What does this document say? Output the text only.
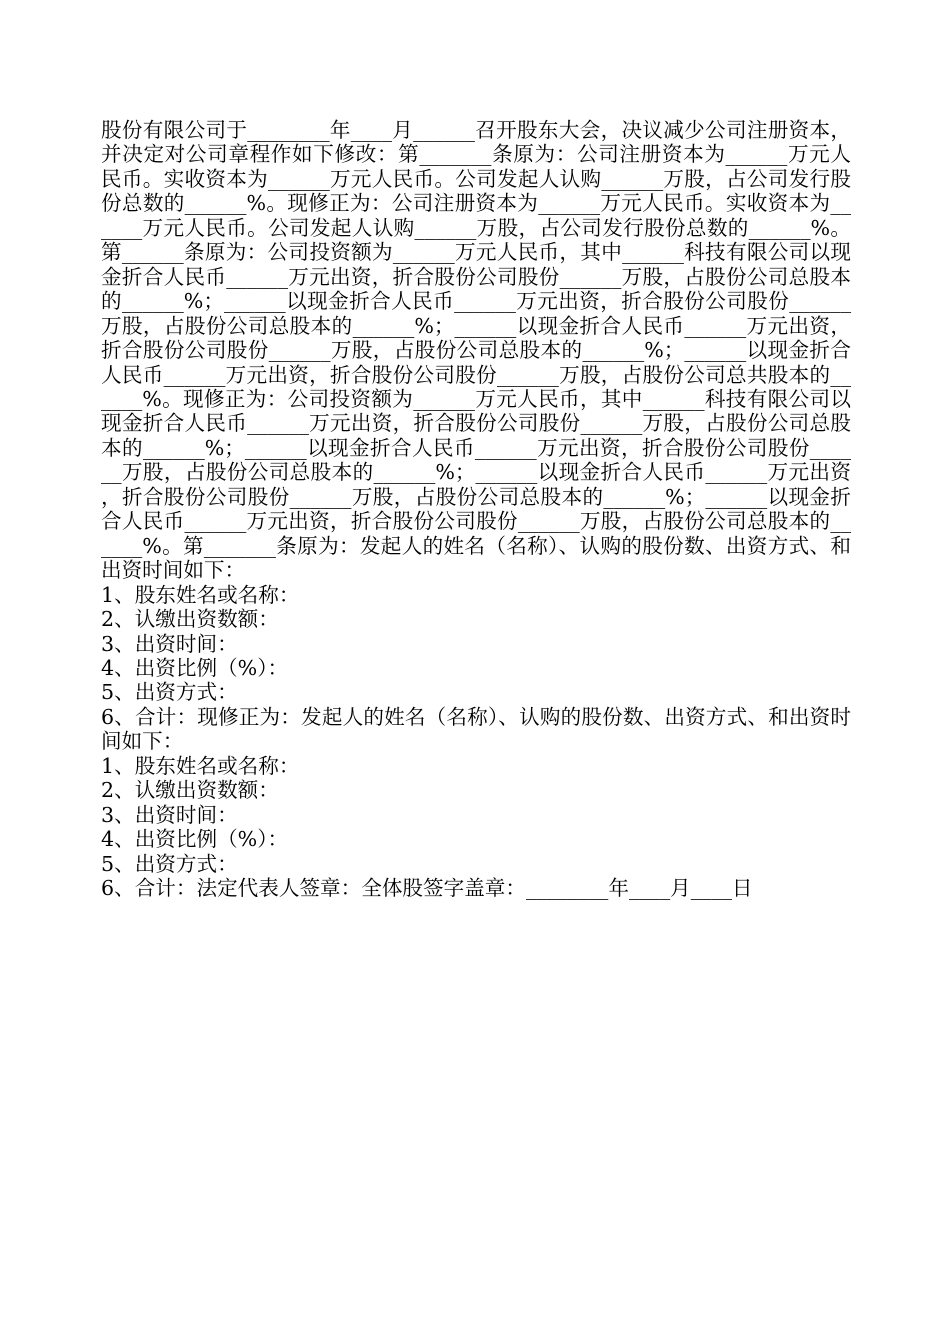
股份有限公司于________年____月______召开股东大会，决议减少公司注册资本，并决定对公司章程作如下修改：第_______条原为：公司注册资本为______万元人民币。实收资本为______万元人民币。公司发起人认购______万股，占公司发行股份总数的______%。现修正为：公司注册资本为______万元人民币。实收资本为______万元人民币。公司发起人认购______万股，占公司发行股份总数的______%。第______条原为：公司投资额为______万元人民币，其中______科技有限公司以现金折合人民币______万元出资，折合股份公司股份______万股，占股份公司总股本的______%；______以现金折合人民币______万元出资，折合股份公司股份______万股，占股份公司总股本的______%；______以现金折合人民币______万元出资，折合股份公司股份______万股，占股份公司总股本的______%；______以现金折合人民币______万元出资，折合股份公司股份______万股，占股份公司总共股本的______%。现修正为：公司投资额为______万元人民币，其中______科技有限公司以现金折合人民币______万元出资，折合股份公司股份______万股，占股份公司总股本的______%；______以现金折合人民币______万元出资，折合股份公司股份______万股，占股份公司总股本的______%；______以现金折合人民币______万元出资，折合股份公司股份______万股，占股份公司总股本的______%；______以现金折合人民币______万元出资，折合股份公司股份______万股，占股份公司总股本的______%。第_______条原为：发起人的姓名（名称）、认购的股份数、出资方式、和出资时间如下：

1、股东姓名或名称：

2、认缴出资数额：

3、出资时间：

4、出资比例（%）：

5、出资方式：

6、合计：现修正为：发起人的姓名（名称）、认购的股份数、出资方式、和出资时间如下：

1、股东姓名或名称：

2、认缴出资数额：

3、出资时间：

4、出资比例（%）：

5、出资方式：

6、合计：法定代表人签章：全体股签字盖章：________年____月____日
